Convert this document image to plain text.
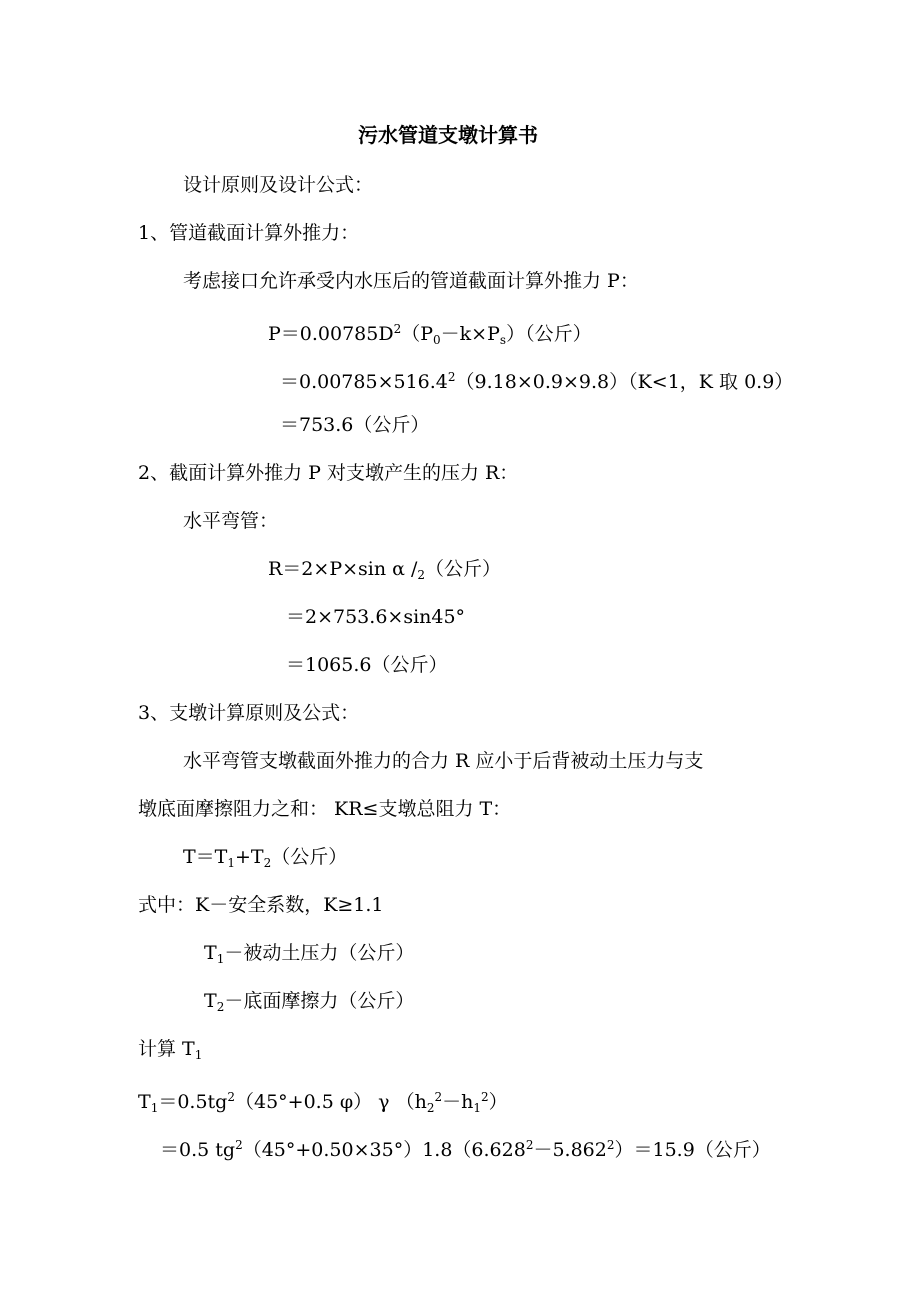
污水管道支墩计算书
设计原则及设计公式：
1、管道截面计算外推力：
考虑接口允许承受内水压后的管道截面计算外推力 P：
$P=0.00785D^2(P_0-k\times P_s)$（公斤）
$=0.00785\times 516.4^2(9.18\times 0.9\times 9.8)(K<1$，K 取 0.9）
＝753.6（公斤）
2、截面计算外推力 P 对支墩产生的压力 R：
水平弯管：
R＝2×P×sin α $/_2$（公斤）
＝2×753.6×sin45°
＝1065.6（公斤）
3、支墩计算原则及公式：
水平弯管支墩截面外推力的合力 R 应小于后背被动土压力与支
墩底面摩擦阻力之和： KR≤支墩总阻力 T：
$T=T_1+T_2$（公斤）
式中：K－安全系数，K≥1.1
$T_1-$被动土压力（公斤）
$T_2-$底面摩擦力（公斤）
计算 $T_1$
$T_1=0.5tg^2(45^\circ+0.5$ φ） γ $(h_2^2-h_1^2)$
＝0.5 $tg^2(45^\circ+0.50\times 35^\circ)1.8(6.628^2-5.862^2)=15.9$（公斤）
